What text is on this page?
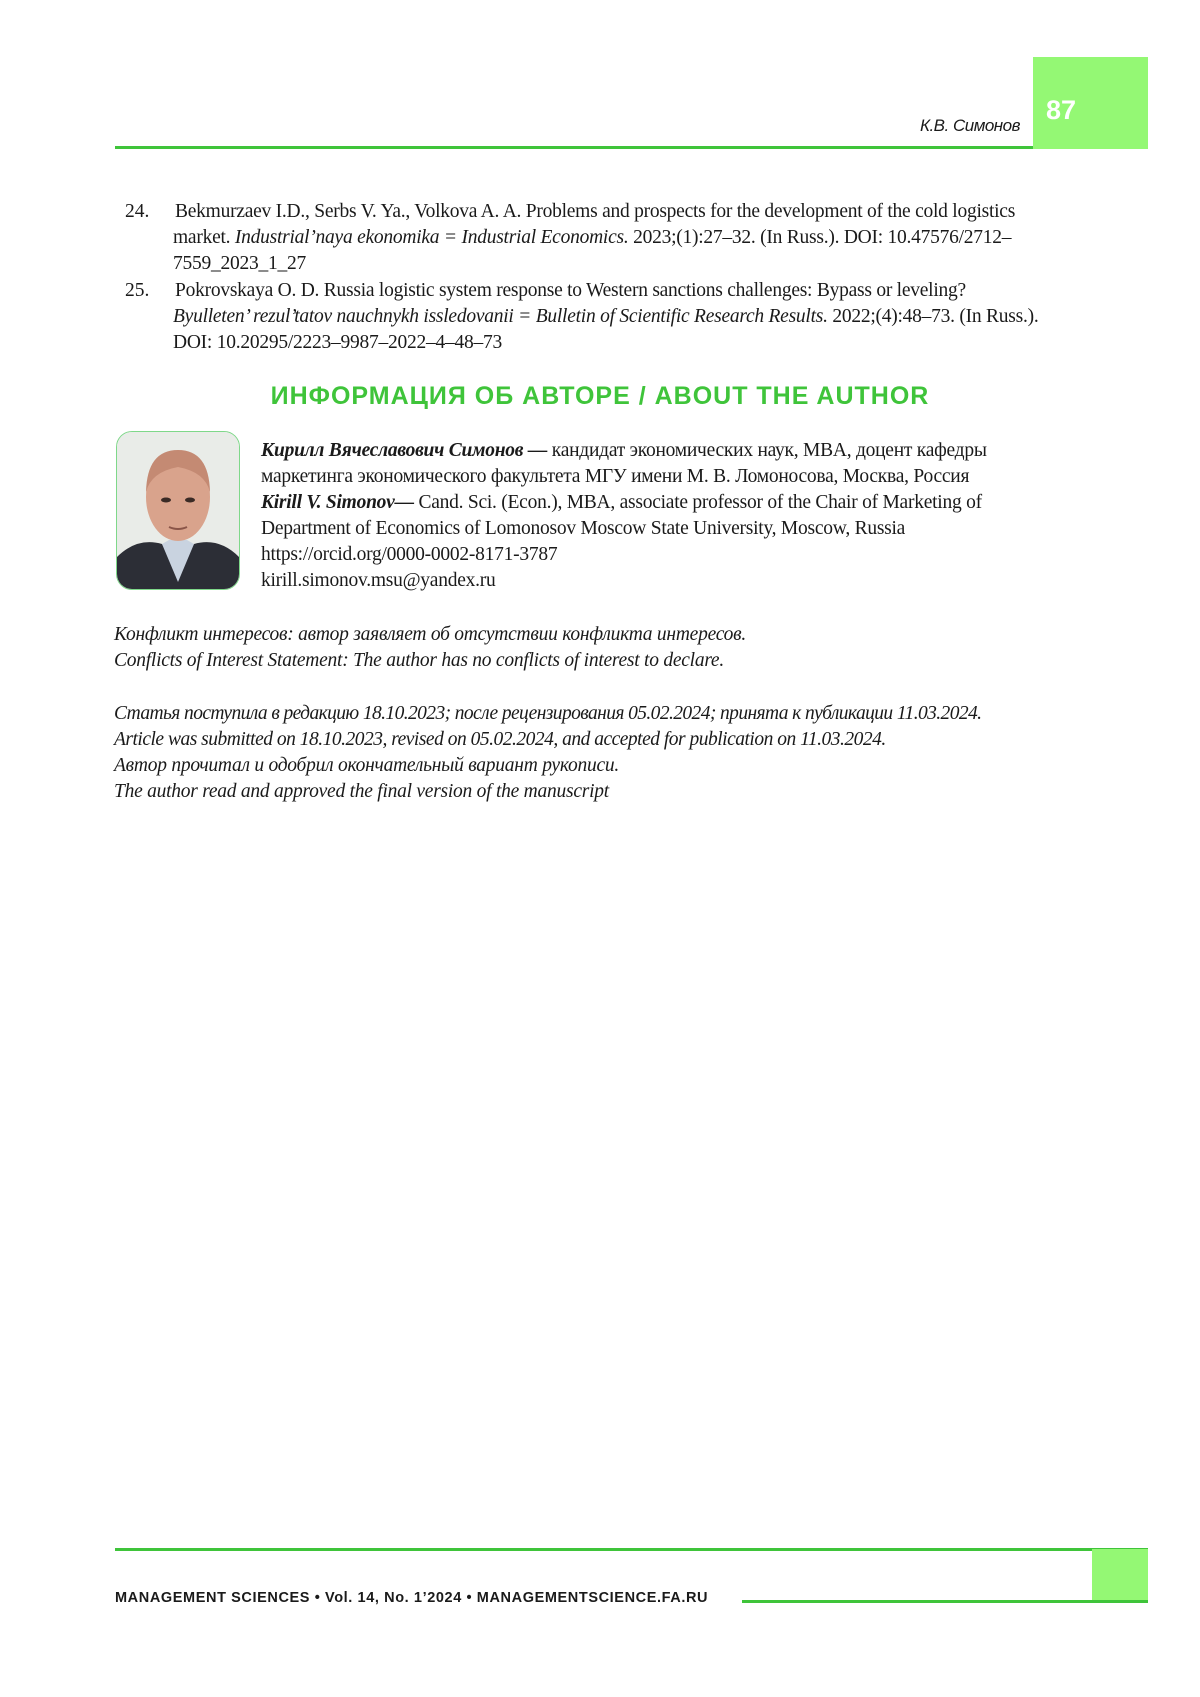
87
К.В. Симонов
24. Bekmurzaev I.D., Serbs V. Ya., Volkova A. A. Problems and prospects for the development of the cold logistics
market. Industrial’naya ekonomika = Industrial Economics. 2023;(1):27–32. (In Russ.). DOI: 10.47576/2712–
7559_2023_1_27
25. Pokrovskaya O. D. Russia logistic system response to Western sanctions challenges: Bypass or leveling?
Byulleten’ rezul’tatov nauchnykh issledovanii = Bulletin of Scientific Research Results. 2022;(4):48–73. (In Russ.).
DOI: 10.20295/2223–9987–2022–4–48–73
ИНФОРМАЦИЯ ОБ АВТОРЕ / ABOUT THE AUTHOR
Кирилл Вячеславович Симонов — кандидат экономических наук, MBA, доцент кафедры
маркетинга экономического факультета МГУ имени М. В. Ломоносова, Москва, Россия
Kirill V. Simonov— Cand. Sci. (Econ.), MBA, associate professor of the Chair of Marketing of
Department of Economics of Lomonosov Moscow State University, Moscow, Russia
https://orcid.org/0000-0002-8171-3787
kirill.simonov.msu@yandex.ru
Конфликт интересов: автор заявляет об отсутствии конфликта интересов.
Conflicts of Interest Statement: The author has no conflicts of interest to declare.
Статья поступила в редакцию 18.10.2023; после рецензирования 05.02.2024; принята к публикации 11.03.2024.
Article was submitted on 18.10.2023, revised on 05.02.2024, and accepted for publication on 11.03.2024.
Автор прочитал и одобрил окончательный вариант рукописи.
The author read and approved the final version of the manuscript
MANAGEMENT SCIENCES • Vol. 14, No. 1’2024 • MANAGEMENTSCIENCE.FA.RU
